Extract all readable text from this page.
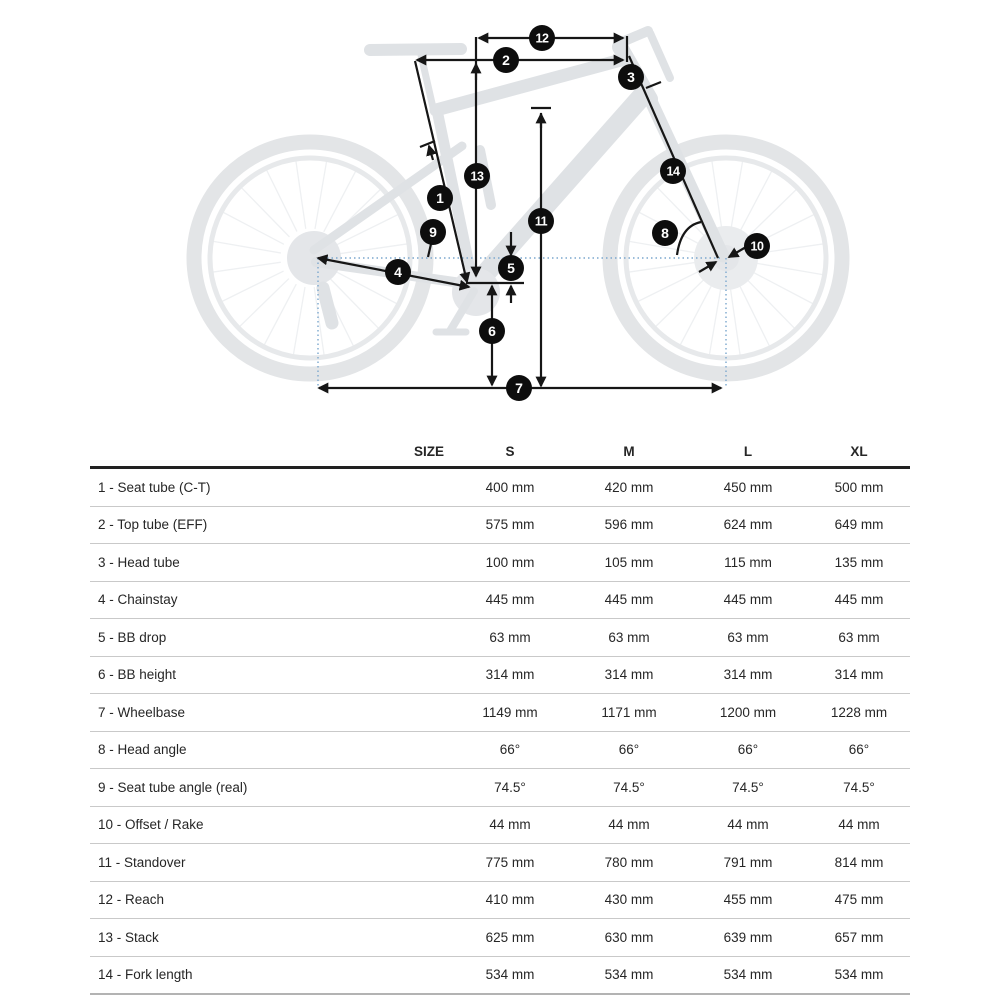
1
2
3
4	5
6
7
8
9
10
11
12
13	14
SIZE	S	M	L	XL
1 - Seat tube (C-T)	400 mm	420 mm	450 mm	500 mm
2 - Top tube (EFF)	575 mm	596 mm	624 mm	649 mm
3 - Head tube	100 mm	105 mm	115 mm	135 mm
4 - Chainstay	445 mm	445 mm	445 mm	445 mm
5 - BB drop	63 mm	63 mm	63 mm	63 mm
6 - BB height	314 mm	314 mm	314 mm	314 mm
7 - Wheelbase	1149 mm	1171 mm	1200 mm	1228 mm
8 - Head angle	66°	66°	66°	66°
9 - Seat tube angle (real)	74.5°	74.5°	74.5°	74.5°
10 - Offset / Rake	44 mm	44 mm	44 mm	44 mm
11 - Standover	775 mm	780 mm	791 mm	814 mm
12 - Reach	410 mm	430 mm	455 mm	475 mm
13 - Stack	625 mm	630 mm	639 mm	657 mm
14 - Fork length	534 mm	534 mm	534 mm	534 mm
